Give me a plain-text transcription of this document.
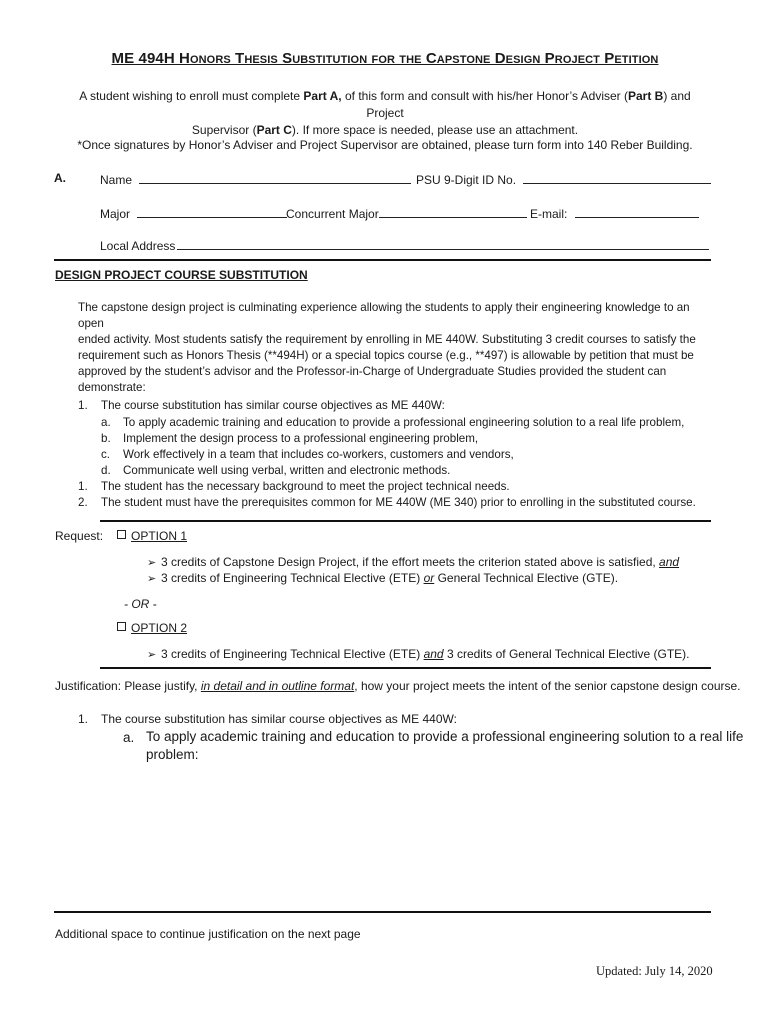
ME 494H Honors Thesis Substitution for the Capstone Design Project Petition
A student wishing to enroll must complete Part A, of this form and consult with his/her Honor’s Adviser (Part B) and Project
Supervisor (Part C). If more space is needed, please use an attachment.
*Once signatures by Honor’s Adviser and Project Supervisor are obtained, please turn form into 140 Reber Building.
A.	Name	PSU 9-Digit ID No.
Major	Concurrent Major	E-mail:
Local Address
DESIGN PROJECT COURSE SUBSTITUTION
The capstone design project is culminating experience allowing the students to apply their engineering knowledge to an open
ended activity. Most students satisfy the requirement by enrolling in ME 440W. Substituting 3 credit courses to satisfy the
requirement such as Honors Thesis (**494H) or a special topics course (e.g., **497) is allowable by petition that must be
approved by the student’s advisor and the Professor-in-Charge of Undergraduate Studies provided the student can
demonstrate:
1. The course substitution has similar course objectives as ME 440W:
a. To apply academic training and education to provide a professional engineering solution to a real life problem,
b. Implement the design process to a professional engineering problem,
c. Work effectively in a team that includes co-workers, customers and vendors,
d. Communicate well using verbal, written and electronic methods.
1. The student has the necessary background to meet the project technical needs.
2. The student must have the prerequisites common for ME 440W (ME 340) prior to enrolling in the substituted course.
Request:	OPTION 1
➢ 3 credits of Capstone Design Project, if the effort meets the criterion stated above is satisfied, and
➢ 3 credits of Engineering Technical Elective (ETE) or General Technical Elective (GTE).
- OR -
OPTION 2
➢ 3 credits of Engineering Technical Elective (ETE) and 3 credits of General Technical Elective (GTE).
Justification: Please justify, in detail and in outline format, how your project meets the intent of the senior capstone design course.
1. The course substitution has similar course objectives as ME 440W:
a. To apply academic training and education to provide a professional engineering solution to a real life
problem:
Additional space to continue justification on the next page
Updated: July 14, 2020
